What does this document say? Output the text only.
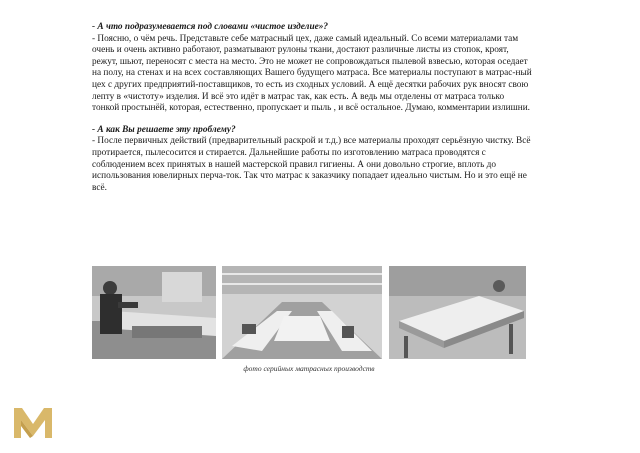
- А что подразумевается под словами «чистое изделие»?

- Поясню, о чём речь. Представьте себе матрасный цех, даже самый идеальный. Со всеми материалами там очень и очень активно работают, разматывают рулоны ткани, достают различные листы из стопок, кроят, режут, шьют, переносят с места на место. Это не может не сопровождаться пылевой взвесью, которая оседает на полу, на стенах и на всех составляющих Вашего будущего матраса. Все материалы поступают в матрас-ный цех с других предприятий-поставщиков, то есть из сходных условий. А ещё десятки рабочих рук вносят свою лепту в «чистоту» изделия. И всё это идёт в матрас так, как есть. А ведь мы отделены от матраса только тонкой простынёй, которая, естественно, пропускает и пыль , и всё остальное. Думаю, комментарии излишни.

- А как Вы решаете эту проблему?

- После первичных действий (предварительный раскрой и т.д.) все материалы проходят серьёзную чистку. Всё протирается, пылесосится и стирается. Дальнейшие работы по изготовлению матраса проводятся с соблюдением всех принятых в нашей мастерской правил гигиены. А они довольно строгие, вплоть до использования ювелирных перча-ток. Так что матрас к заказчику попадает идеально чистым. Но и это ещё не всё.

фото серийных матрасных производств
